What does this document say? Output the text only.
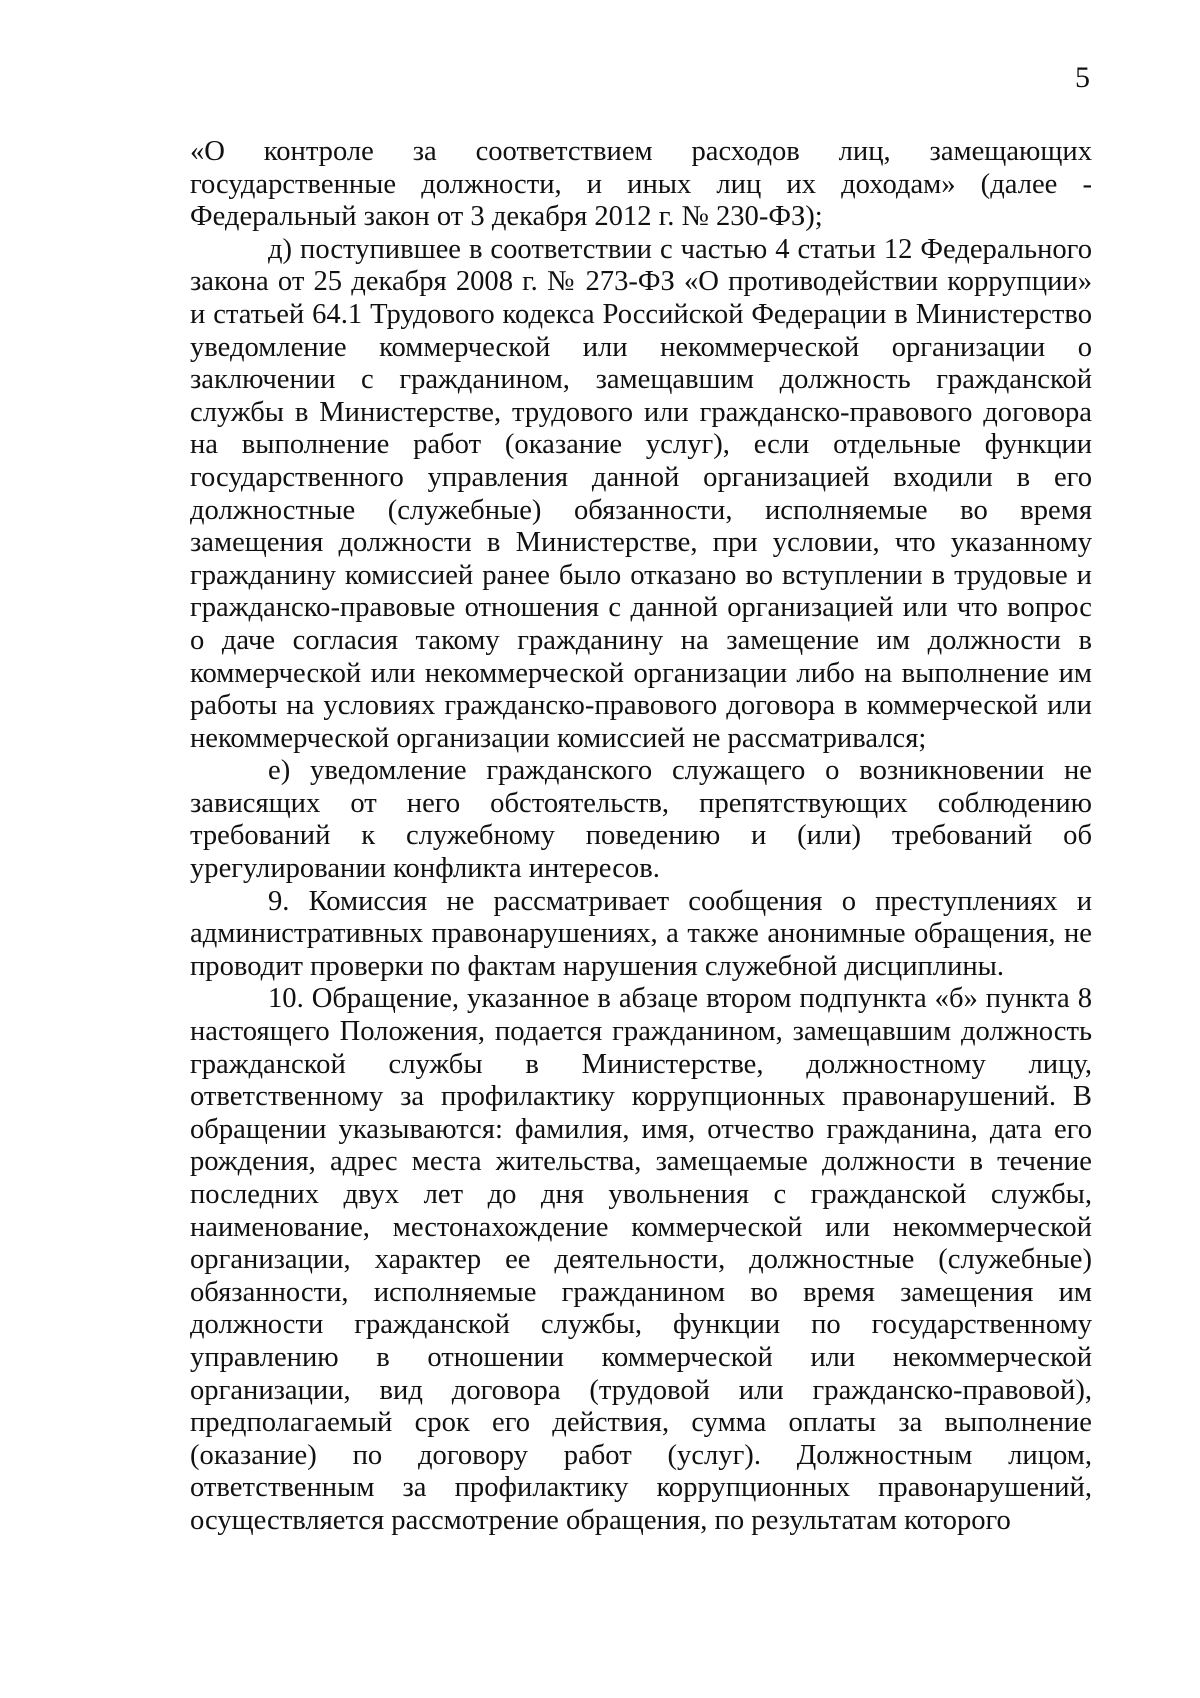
5

«О контроле за соответствием расходов лиц, замещающих государственные должности, и иных лиц их доходам» (далее - Федеральный закон от 3 декабря 2012 г. № 230-ФЗ);

д) поступившее в соответствии с частью 4 статьи 12 Федерального закона от 25 декабря 2008 г. № 273-ФЗ «О противодействии коррупции» и статьей 64.1 Трудового кодекса Российской Федерации в Министерство уведомление коммерческой или некоммерческой организации о заключении с гражданином, замещавшим должность гражданской службы в Министерстве, трудового или гражданско-правового договора на выполнение работ (оказание услуг), если отдельные функции государственного управления данной организацией входили в его должностные (служебные) обязанности, исполняемые во время замещения должности в Министерстве, при условии, что указанному гражданину комиссией ранее было отказано во вступлении в трудовые и гражданско-правовые отношения с данной организацией или что вопрос о даче согласия такому гражданину на замещение им должности в коммерческой или некоммерческой организации либо на выполнение им работы на условиях гражданско-правового договора в коммерческой или некоммерческой организации комиссией не рассматривался;

е) уведомление гражданского служащего о возникновении не зависящих от него обстоятельств, препятствующих соблюдению требований к служебному поведению и (или) требований об урегулировании конфликта интересов.

9. Комиссия не рассматривает сообщения о преступлениях и административных правонарушениях, а также анонимные обращения, не проводит проверки по фактам нарушения служебной дисциплины.

10. Обращение, указанное в абзаце втором подпункта «б» пункта 8 настоящего Положения, подается гражданином, замещавшим должность гражданской службы в Министерстве, должностному лицу, ответственному за профилактику коррупционных правонарушений. В обращении указываются: фамилия, имя, отчество гражданина, дата его рождения, адрес места жительства, замещаемые должности в течение последних двух лет до дня увольнения с гражданской службы, наименование, местонахождение коммерческой или некоммерческой организации, характер ее деятельности, должностные (служебные) обязанности, исполняемые гражданином во время замещения им должности гражданской службы, функции по государственному управлению в отношении коммерческой или некоммерческой организации, вид договора (трудовой или гражданско-правовой), предполагаемый срок его действия, сумма оплаты за выполнение (оказание) по договору работ (услуг). Должностным лицом, ответственным за профилактику коррупционных правонарушений, осуществляется рассмотрение обращения, по результатам которого
